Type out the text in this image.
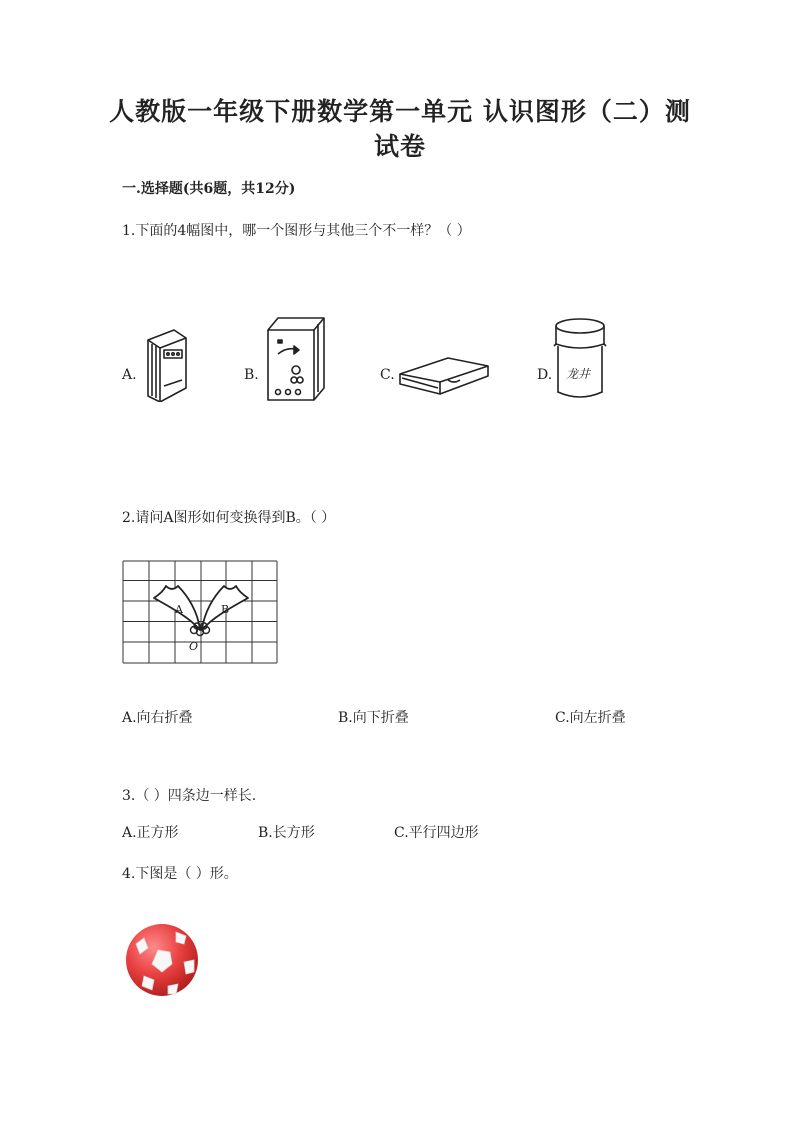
人教版一年级下册数学第一单元 认识图形（二）测
试卷
一.选择题(共6题，共12分)
1.下面的4幅图中，哪一个图形与其他三个不一样？（ ）
A.	B.	C.	D. 龙井
2.请问A图形如何变换得到B。（ ）
A	B
O
A.向右折叠	B.向下折叠	C.向左折叠
3.（ ）四条边一样长.
A.正方形	B.长方形	C.平行四边形
4.下图是（ ）形。
